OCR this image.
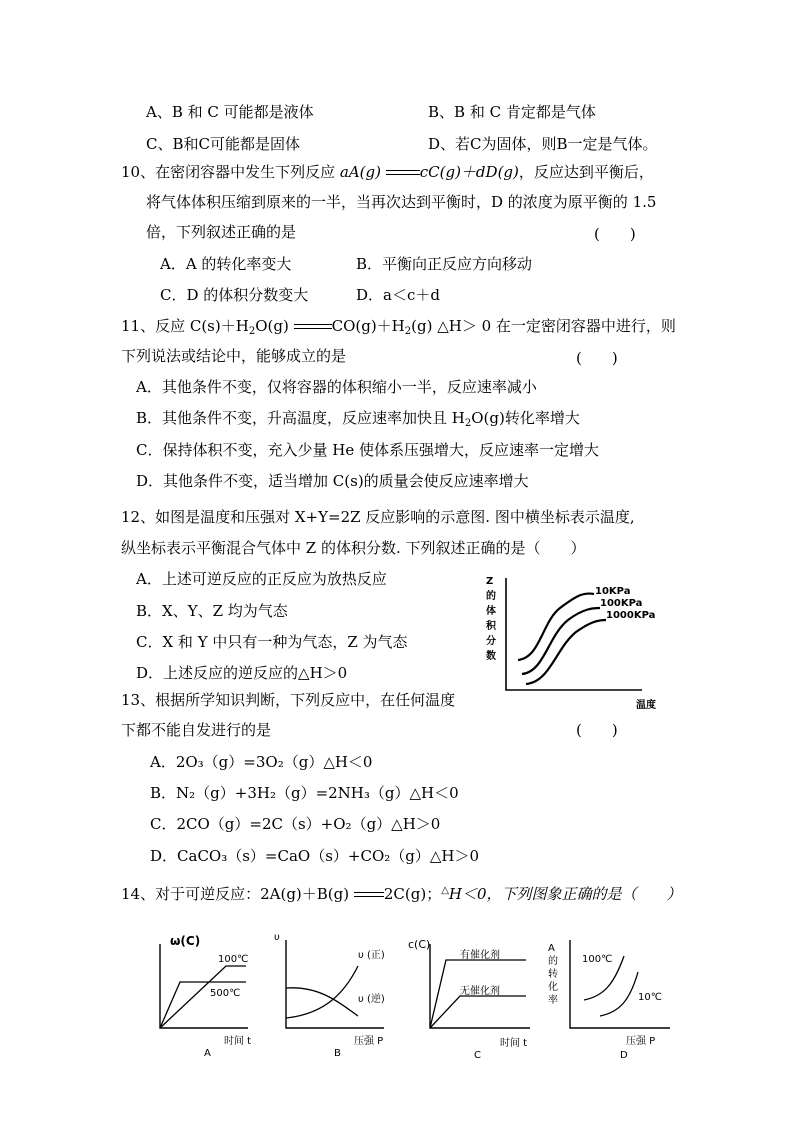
A、B 和 C 可能都是液体	B、B 和 C 肯定都是气体
C、B和C可能都是固体	D、若C为固体，则B一定是气体。
10、在密闭容器中发生下列反应 aA(g)	cC(g)＋dD(g)，反应达到平衡后，
将气体体积压缩到原来的一半，当再次达到平衡时，D 的浓度为原平衡的 1.5
倍，下列叙述正确的是	(　　)
A．A 的转化率变大	B．平衡向正反应方向移动
C．D 的体积分数变大	D．a＜c＋d
11、反应 $C(s)+H_2O(g)$	$CO(g)+H_2(g)$ △H＞ 0 在一定密闭容器中进行，则
下列说法或结论中，能够成立的是	(　　)
A．其他条件不变，仅将容器的体积缩小一半，反应速率减小
B．其他条件不变，升高温度，反应速率加快且 $H_2O(g)$转化率增大
C．保持体积不变，充入少量 He 使体系压强增大，反应速率一定增大
D．其他条件不变，适当增加 C(s)的质量会使反应速率增大
12、如图是温度和压强对 X+Y=2Z 反应影响的示意图. 图中横坐标表示温度,
纵坐标表示平衡混合气体中 Z 的体积分数. 下列叙述正确的是（　　）
A．上述可逆反应的正反应为放热反应
B．X、Y、Z 均为气态
C．X 和 Y 中只有一种为气态，Z 为气态
D．上述反应的逆反应的△H＞0
Z
的
体
积
分
数
10KPa
100KPa
1000KPa
温度
13、根据所学知识判断，下列反应中，在任何温度
下都不能自发进行的是	(　　)
A．2O₃（g）=3O₂（g）△H＜0
B．N₂（g）+3H₂（g）=2NH₃（g）△H＜0
C．2CO（g）=2C（s）+O₂（g）△H＞0
D．CaCO₃（s）=CaO（s）+CO₂（g）△H＞0
14、对于可逆反应：2A(g)＋B(g) 2C(g)；△H＜0，下列图象正确的是（　　）
ω(C)
100℃
500℃
时间 t
A
υ
υ (正)
υ (逆)
压强 P
B
c(C)
有催化剂
无催化剂
时间 t
C
A
的
转
化
率
100℃
10℃
压强 P
D
